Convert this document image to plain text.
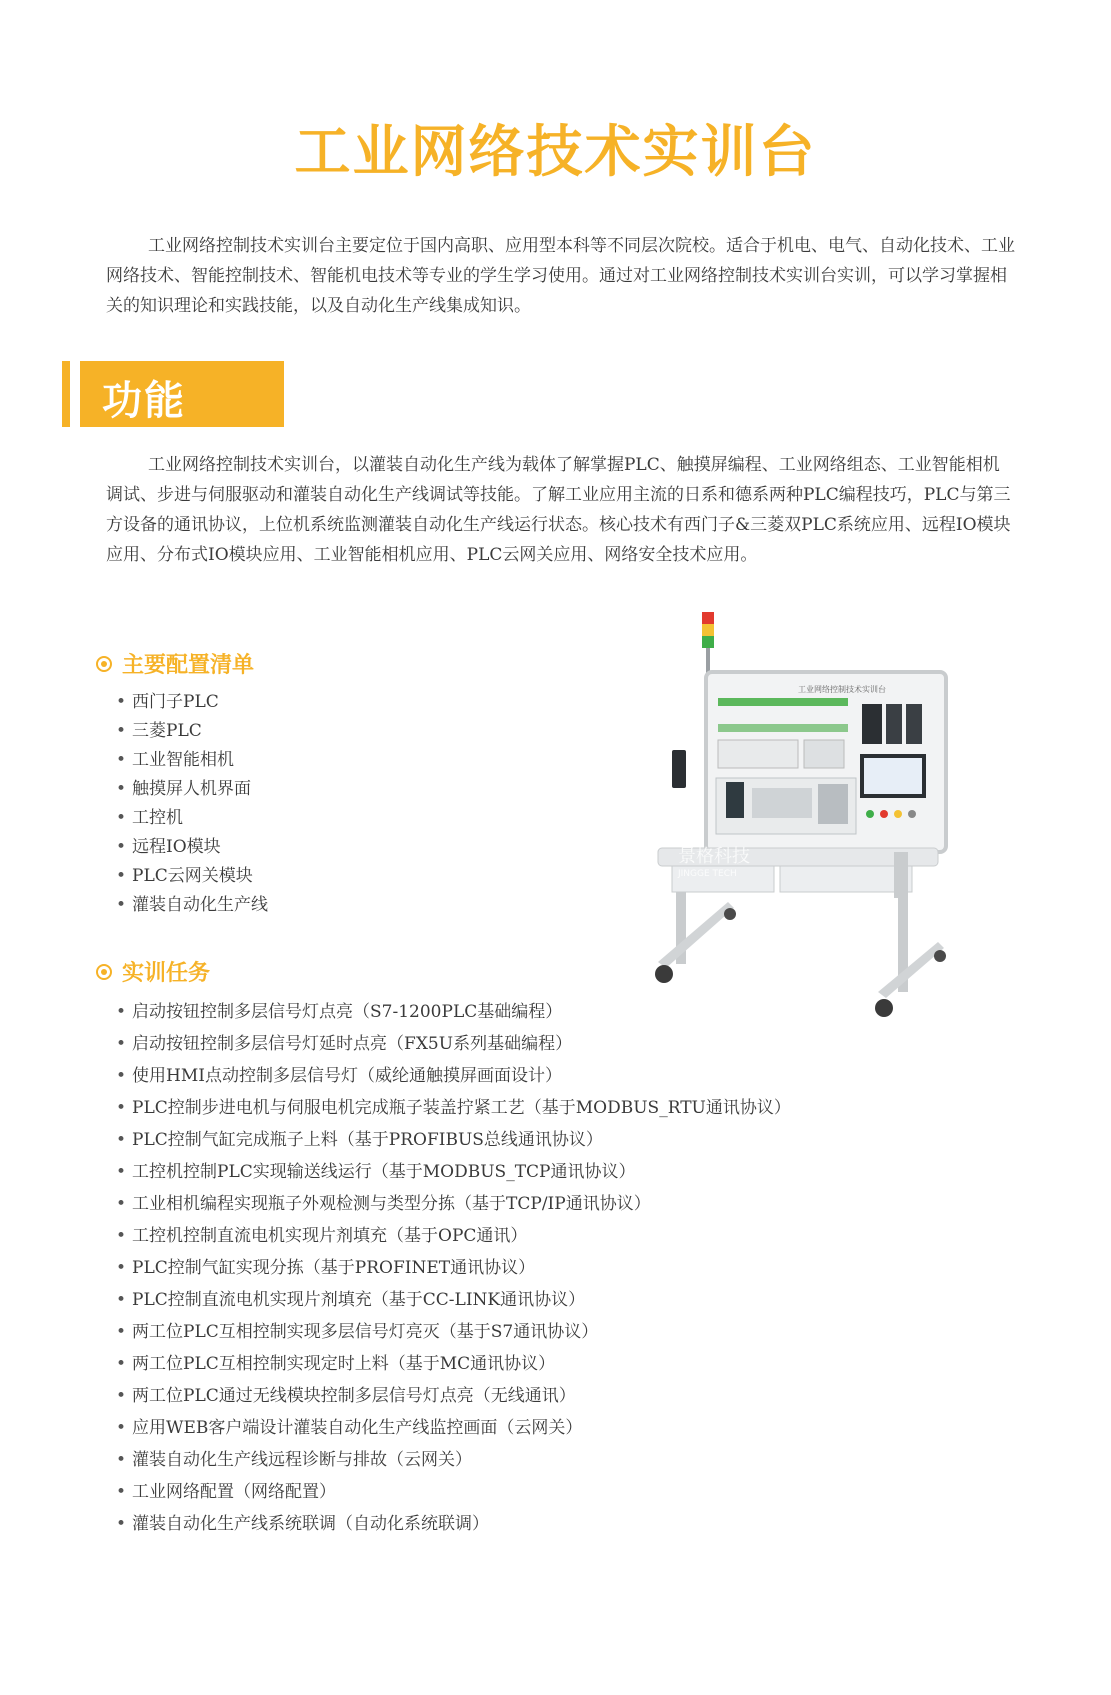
工业网络技术实训台

工业网络控制技术实训台主要定位于国内高职、应用型本科等不同层次院校。适合于机电、电气、自动化技术、工业网络技术、智能控制技术、智能机电技术等专业的学生学习使用。通过对工业网络控制技术实训台实训，可以学习掌握相关的知识理论和实践技能，以及自动化生产线集成知识。

功能

工业网络控制技术实训台，以灌装自动化生产线为载体了解掌握PLC、触摸屏编程、工业网络组态、工业智能相机调试、步进与伺服驱动和灌装自动化生产线调试等技能。了解工业应用主流的日系和德系两种PLC编程技巧，PLC与第三方设备的通讯协议，上位机系统监测灌装自动化生产线运行状态。核心技术有西门子&三菱双PLC系统应用、远程IO模块应用、分布式IO模块应用、工业智能相机应用、PLC云网关应用、网络安全技术应用。

主要配置清单
• 西门子PLC
• 三菱PLC
• 工业智能相机
• 触摸屏人机界面
• 工控机
• 远程IO模块
• PLC云网关模块
• 灌装自动化生产线
实训任务
• 启动按钮控制多层信号灯点亮（S7-1200PLC基础编程）
• 启动按钮控制多层信号灯延时点亮（FX5U系列基础编程）
• 使用HMI点动控制多层信号灯（威纶通触摸屏画面设计）
• PLC控制步进电机与伺服电机完成瓶子装盖拧紧工艺（基于MODBUS_RTU通讯协议）
• PLC控制气缸完成瓶子上料（基于PROFIBUS总线通讯协议）
• 工控机控制PLC实现输送线运行（基于MODBUS_TCP通讯协议）
• 工业相机编程实现瓶子外观检测与类型分拣（基于TCP/IP通讯协议）
• 工控机控制直流电机实现片剂填充（基于OPC通讯）
• PLC控制气缸实现分拣（基于PROFINET通讯协议）
• PLC控制直流电机实现片剂填充（基于CC-LINK通讯协议）
• 两工位PLC互相控制实现多层信号灯亮灭（基于S7通讯协议）
• 两工位PLC互相控制实现定时上料（基于MC通讯协议）
• 两工位PLC通过无线模块控制多层信号灯点亮（无线通讯）
• 应用WEB客户端设计灌装自动化生产线监控画面（云网关）
• 灌装自动化生产线远程诊断与排故（云网关）
• 工业网络配置（网络配置）
• 灌装自动化生产线系统联调（自动化系统联调）
工业网络控制技术实训台
景格科技
JINGGE TECH
